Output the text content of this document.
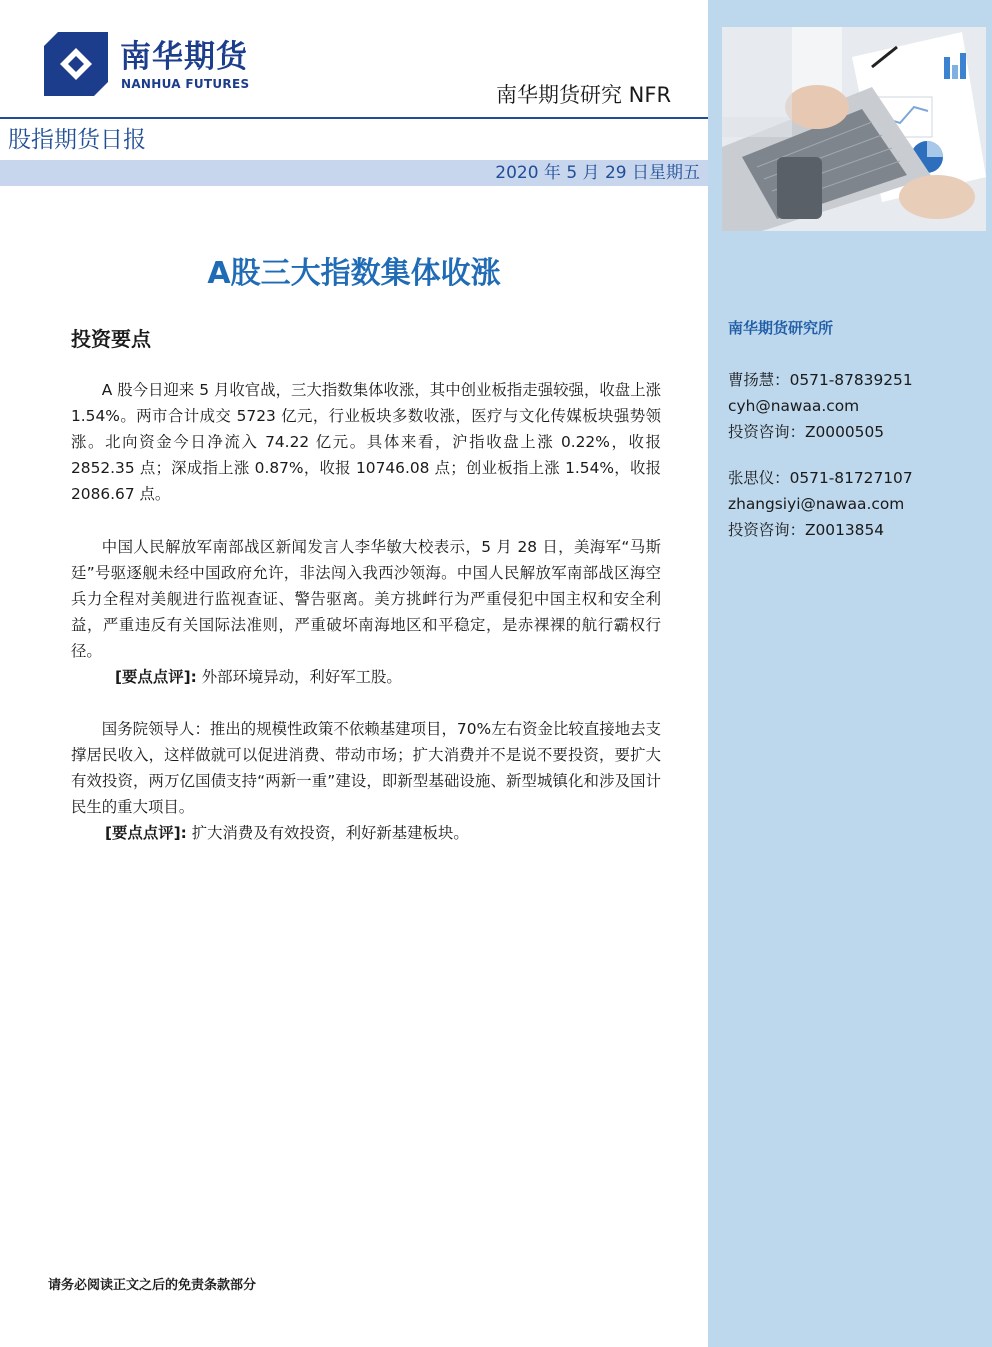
南华期货
NANHUA FUTURES	南华期货研究 NFR
股指期货日报
2020 年 5 月 29 日星期五
A股三大指数集体收涨
投资要点

A 股今日迎来 5 月收官战，三大指数集体收涨，其中创业板指走强较强，收盘上涨 1.54%。两市合计成交 5723 亿元，行业板块多数收涨，医疗与文化传媒板块强势领涨。北向资金今日净流入 74.22 亿元。具体来看，沪指收盘上涨 0.22%，收报 2852.35 点；深成指上涨 0.87%，收报 10746.08 点；创业板指上涨 1.54%，收报 2086.67 点。

中国人民解放军南部战区新闻发言人李华敏大校表示，5 月 28 日，美海军“马斯廷”号驱逐舰未经中国政府允许，非法闯入我西沙领海。中国人民解放军南部战区海空兵力全程对美舰进行监视查证、警告驱离。美方挑衅行为严重侵犯中国主权和安全利益，严重违反有关国际法准则，严重破坏南海地区和平稳定，是赤裸裸的航行霸权行径。

[要点点评]: 外部环境异动，利好军工股。

国务院领导人：推出的规模性政策不依赖基建项目，70%左右资金比较直接地去支撑居民收入，这样做就可以促进消费、带动市场；扩大消费并不是说不要投资，要扩大有效投资，两万亿国债支持“两新一重”建设，即新型基础设施、新型城镇化和涉及国计民生的重大项目。

[要点点评]: 扩大消费及有效投资，利好新基建板块。
南华期货研究所
曹扬慧：0571-87839251
cyh@nawaa.com
投资咨询：Z0000505
张思仪：0571-81727107
zhangsiyi@nawaa.com
投资咨询：Z0013854
请务必阅读正文之后的免责条款部分
